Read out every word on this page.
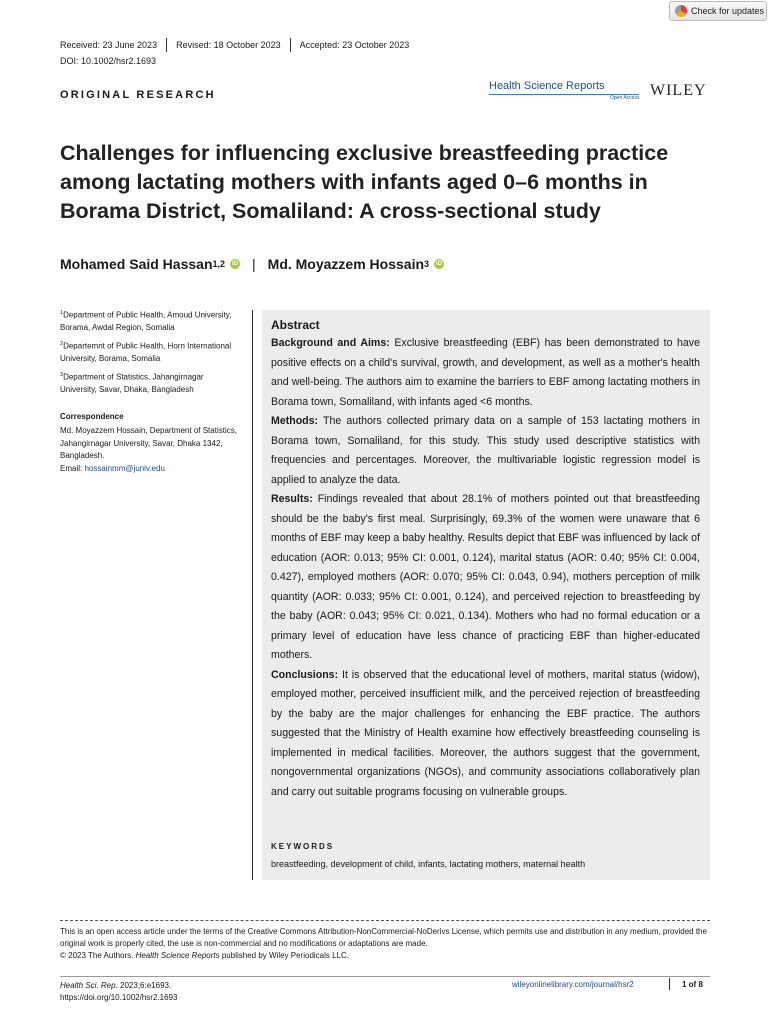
Check for updates
Received: 23 June 2023 Revised: 18 October 2023 Accepted: 23 October 2023
DOI: 10.1002/hsr2.1693
ORIGINAL RESEARCH
Health Science Reports
Open Access WILEY
Challenges for influencing exclusive breastfeeding practice among lactating mothers with infants aged 0–6 months in Borama District, Somaliland: A cross-sectional study
Mohamed Said Hassan 1,2	iD | Md. Moyazzem Hossain 3	iD
$^1$Department of Public Health, Amoud University, Borama, Awdal Region, Somalia
$^2$Departemnt of Public Health, Horn International University, Borama, Somalia
$^3$Department of Statistics, Jahangirnagar University, Savar, Dhaka, Bangladesh
Correspondence
Md. Moyazzem Hossain, Department of Statistics, Jahangirnagar University, Savar, Dhaka 1342, Bangladesh.
Email: hossainmm@juniv.edu
Abstract

Background and Aims: Exclusive breastfeeding (EBF) has been demonstrated to have positive effects on a child's survival, growth, and development, as well as a mother's health and well-being. The authors aim to examine the barriers to EBF among lactating mothers in Borama town, Somaliland, with infants aged <6 months.

Methods: The authors collected primary data on a sample of 153 lactating mothers in Borama town, Somaliland, for this study. This study used descriptive statistics with frequencies and percentages. Moreover, the multivariable logistic regression model is applied to analyze the data.

Results: Findings revealed that about 28.1% of mothers pointed out that breastfeeding should be the baby's first meal. Surprisingly, 69.3% of the women were unaware that 6 months of EBF may keep a baby healthy. Results depict that EBF was influenced by lack of education (AOR: 0.013; 95% CI: 0.001, 0.124), marital status (AOR: 0.40; 95% CI: 0.004, 0.427), employed mothers (AOR: 0.070; 95% CI: 0.043, 0.94), mothers perception of milk quantity (AOR: 0.033; 95% CI: 0.001, 0.124), and perceived rejection to breastfeeding by the baby (AOR: 0.043; 95% CI: 0.021, 0.134). Mothers who had no formal education or a primary level of education have less chance of practicing EBF than higher-educated mothers.

Conclusions: It is observed that the educational level of mothers, marital status (widow), employed mother, perceived insufficient milk, and the perceived rejection of breastfeeding by the baby are the major challenges for enhancing the EBF practice. The authors suggested that the Ministry of Health examine how effectively breastfeeding counseling is implemented in medical facilities. Moreover, the authors suggest that the government, nongovernmental organizations (NGOs), and community associations collaboratively plan and carry out suitable programs focusing on vulnerable groups.

KEYWORDS
breastfeeding, development of child, infants, lactating mothers, maternal health
This is an open access article under the terms of the Creative Commons Attribution-NonCommercial-NoDerivs License, which permits use and distribution in any medium, provided the original work is properly cited, the use is non-commercial and no modifications or adaptations are made.
© 2023 The Authors. Health Science Reports published by Wiley Periodicals LLC.
Health Sci. Rep. 2023;6:e1693.
https://doi.org/10.1002/hsr2.1693
wileyonlinelibrary.com/journal/hsr2	1 of 8
